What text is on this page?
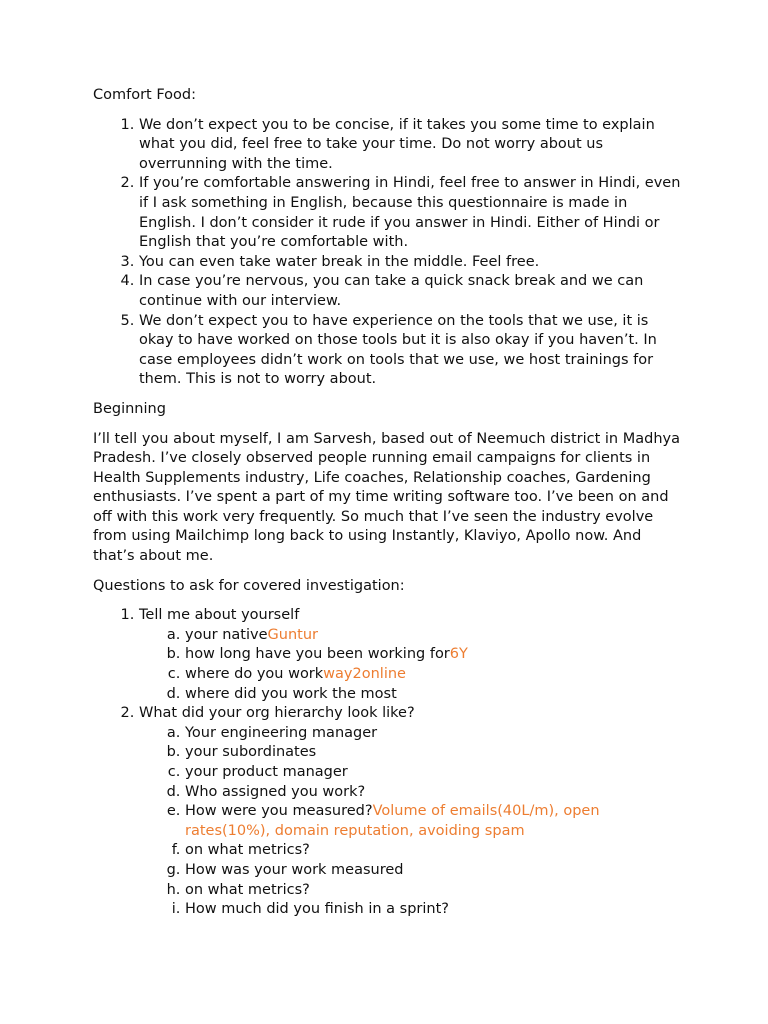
Comfort Food:

1. We don’t expect you to be concise, if it takes you some time to explain what you did, feel free to take your time. Do not worry about us overrunning with the time.
2. If you’re comfortable answering in Hindi, feel free to answer in Hindi, even if I ask something in English, because this questionnaire is made in English. I don’t consider it rude if you answer in Hindi. Either of Hindi or English that you’re comfortable with.
3. You can even take water break in the middle. Feel free.
4. In case you’re nervous, you can take a quick snack break and we can continue with our interview.
5. We don’t expect you to have experience on the tools that we use, it is okay to have worked on those tools but it is also okay if you haven’t. In case employees didn’t work on tools that we use, we host trainings for them. This is not to worry about.

Beginning

I’ll tell you about myself, I am Sarvesh, based out of Neemuch district in Madhya Pradesh. I’ve closely observed people running email campaigns for clients in Health Supplements industry, Life coaches, Relationship coaches, Gardening enthusiasts. I’ve spent a part of my time writing software too. I’ve been on and off with this work very frequently. So much that I’ve seen the industry evolve from using Mailchimp long back to using Instantly, Klaviyo, Apollo now. And that’s about me.

Questions to ask for covered investigation:

1. Tell me about yourself
a. your nativeGuntur
b. how long have you been working for6Y
c. where do you workway2online
d. where did you work the most
2. What did your org hierarchy look like?
a. Your engineering manager
b. your subordinates
c. your product manager
d. Who assigned you work?
e. How were you measured?Volume of emails(40L/m), open rates(10%), domain reputation, avoiding spam
f. on what metrics?
g. How was your work measured
h. on what metrics?
i. How much did you finish in a sprint?
